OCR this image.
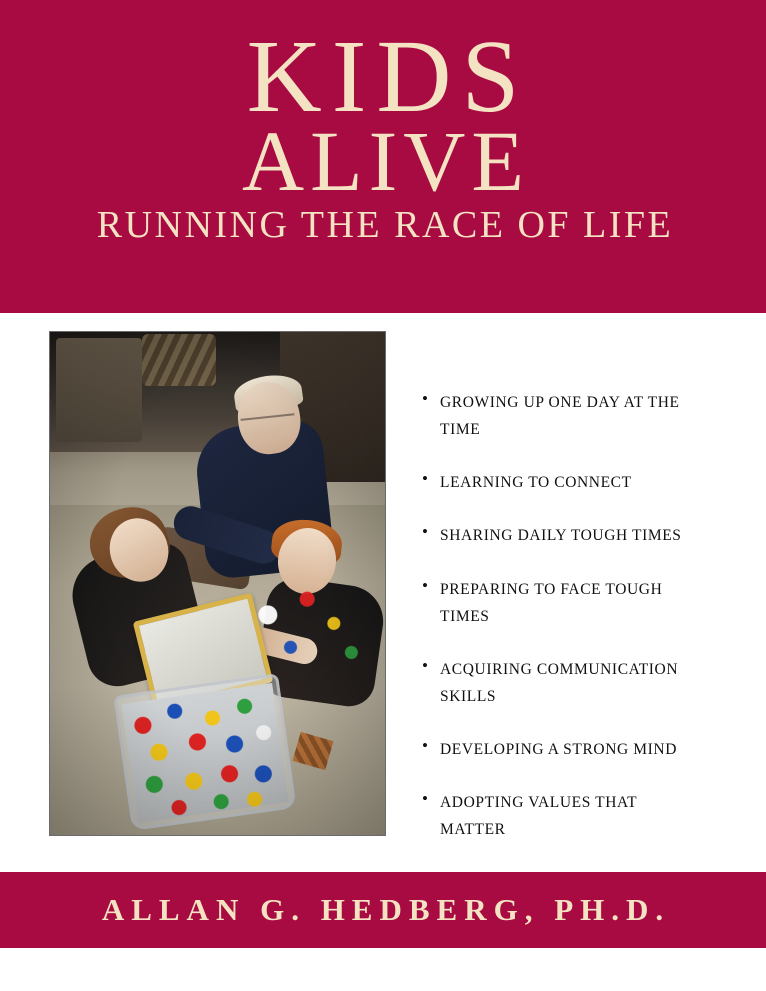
KIDS
ALIVE
RUNNING THE RACE OF LIFE
• GROWING UP ONE DAY AT THE TIME
• LEARNING TO CONNECT
• SHARING DAILY TOUGH TIMES
• PREPARING TO FACE TOUGH TIMES
• ACQUIRING COMMUNICATION SKILLS
• DEVELOPING A STRONG MIND
• ADOPTING VALUES THAT MATTER
ALLAN G. HEDBERG, PH.D.
